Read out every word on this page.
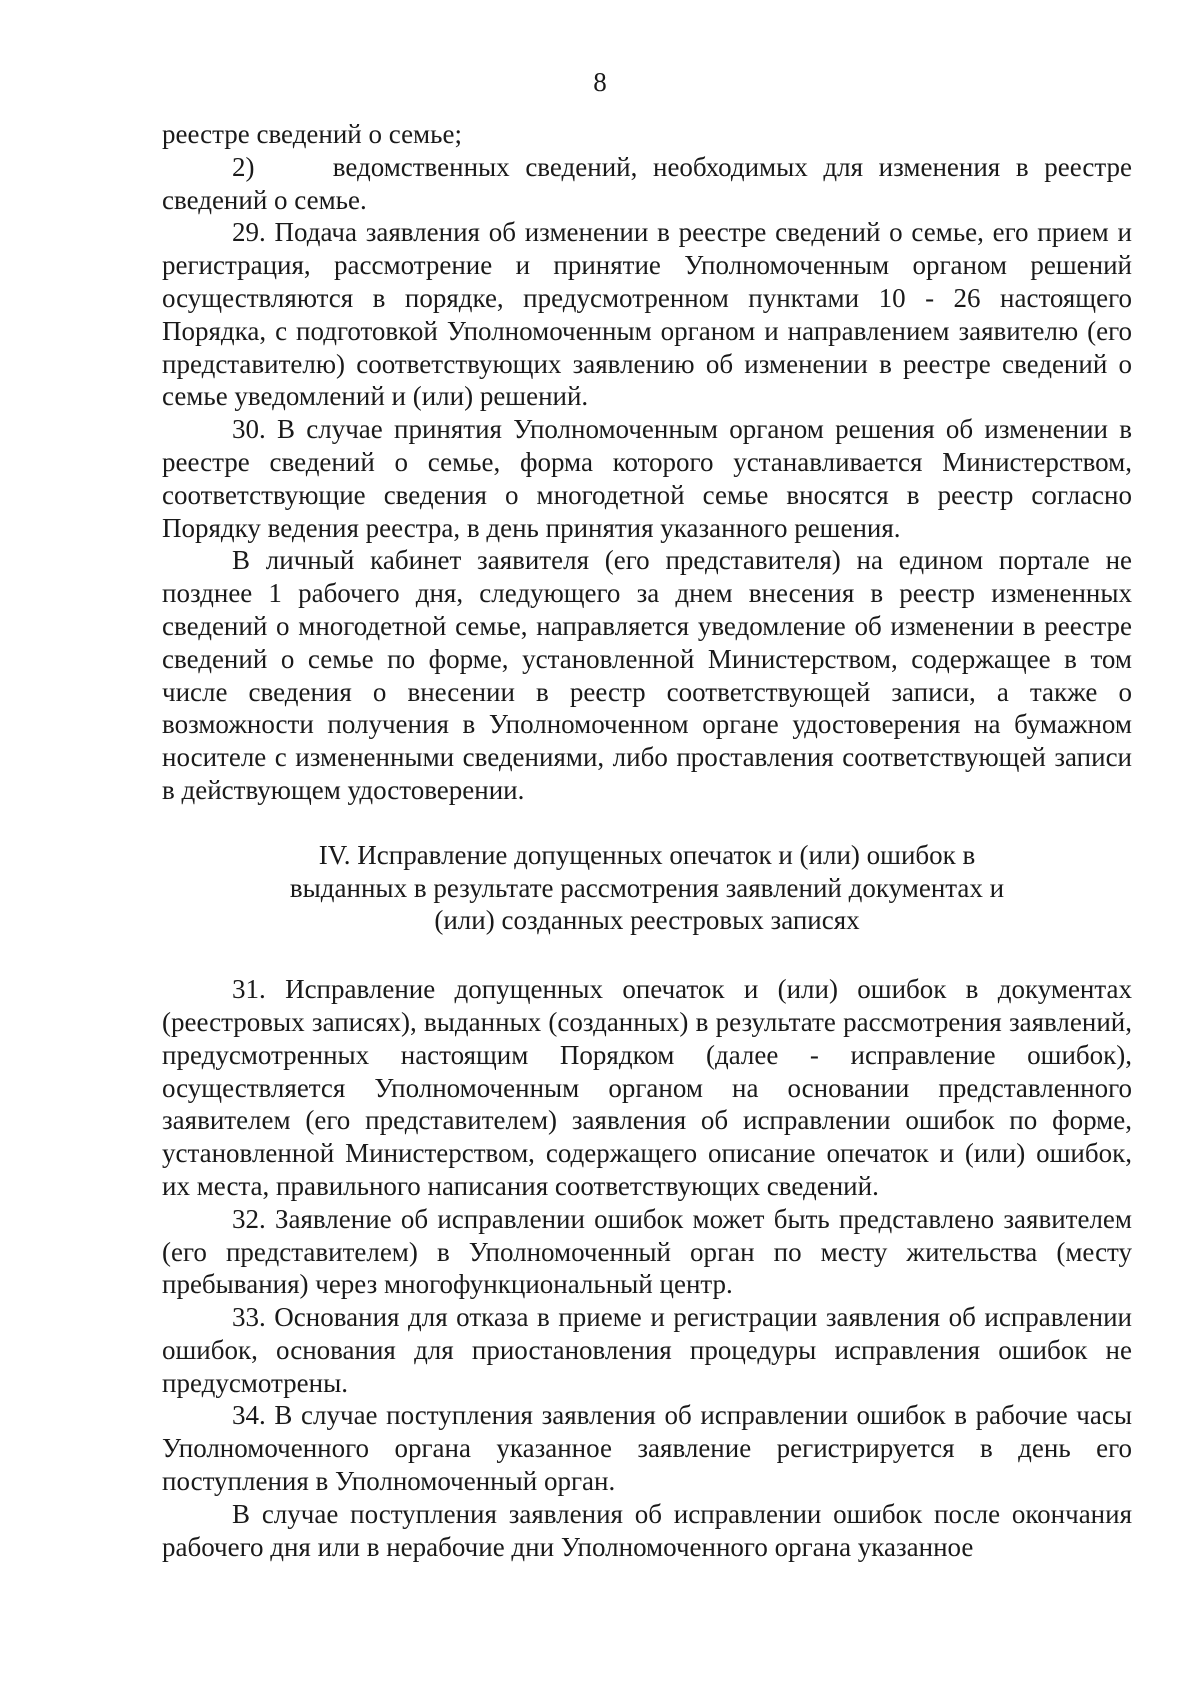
8

реестре сведений о семье;

2)	ведомственных сведений, необходимых для изменения в реестре сведений о семье.

29. Подача заявления об изменении в реестре сведений о семье, его прием и регистрация, рассмотрение и принятие Уполномоченным органом решений осуществляются в порядке, предусмотренном пунктами 10 - 26 настоящего Порядка, с подготовкой Уполномоченным органом и направлением заявителю (его представителю) соответствующих заявлению об изменении в реестре сведений о семье уведомлений и (или) решений.

30. В случае принятия Уполномоченным органом решения об изменении в реестре сведений о семье, форма которого устанавливается Министерством, соответствующие сведения о многодетной семье вносятся в реестр согласно Порядку ведения реестра, в день принятия указанного решения.

В личный кабинет заявителя (его представителя) на едином портале не позднее 1 рабочего дня, следующего за днем внесения в реестр измененных сведений о многодетной семье, направляется уведомление об изменении в реестре сведений о семье по форме, установленной Министерством, содержащее в том числе сведения о внесении в реестр соответствующей записи, а также о возможности получения в Уполномоченном органе удостоверения на бумажном носителе с измененными сведениями, либо проставления соответствующей записи в действующем удостоверении.

IV. Исправление допущенных опечаток и (или) ошибок в
выданных в результате рассмотрения заявлений документах и
(или) созданных реестровых записях

31. Исправление допущенных опечаток и (или) ошибок в документах (реестровых записях), выданных (созданных) в результате рассмотрения заявлений, предусмотренных настоящим Порядком (далее - исправление ошибок), осуществляется Уполномоченным органом на основании представленного заявителем (его представителем) заявления об исправлении ошибок по форме, установленной Министерством, содержащего описание опечаток и (или) ошибок, их места, правильного написания соответствующих сведений.

32. Заявление об исправлении ошибок может быть представлено заявителем (его представителем) в Уполномоченный орган по месту жительства (месту пребывания) через многофункциональный центр.

33. Основания для отказа в приеме и регистрации заявления об исправлении ошибок, основания для приостановления процедуры исправления ошибок не предусмотрены.

34. В случае поступления заявления об исправлении ошибок в рабочие часы Уполномоченного органа указанное заявление регистрируется в день его поступления в Уполномоченный орган.

В случае поступления заявления об исправлении ошибок после окончания рабочего дня или в нерабочие дни Уполномоченного органа указанное
